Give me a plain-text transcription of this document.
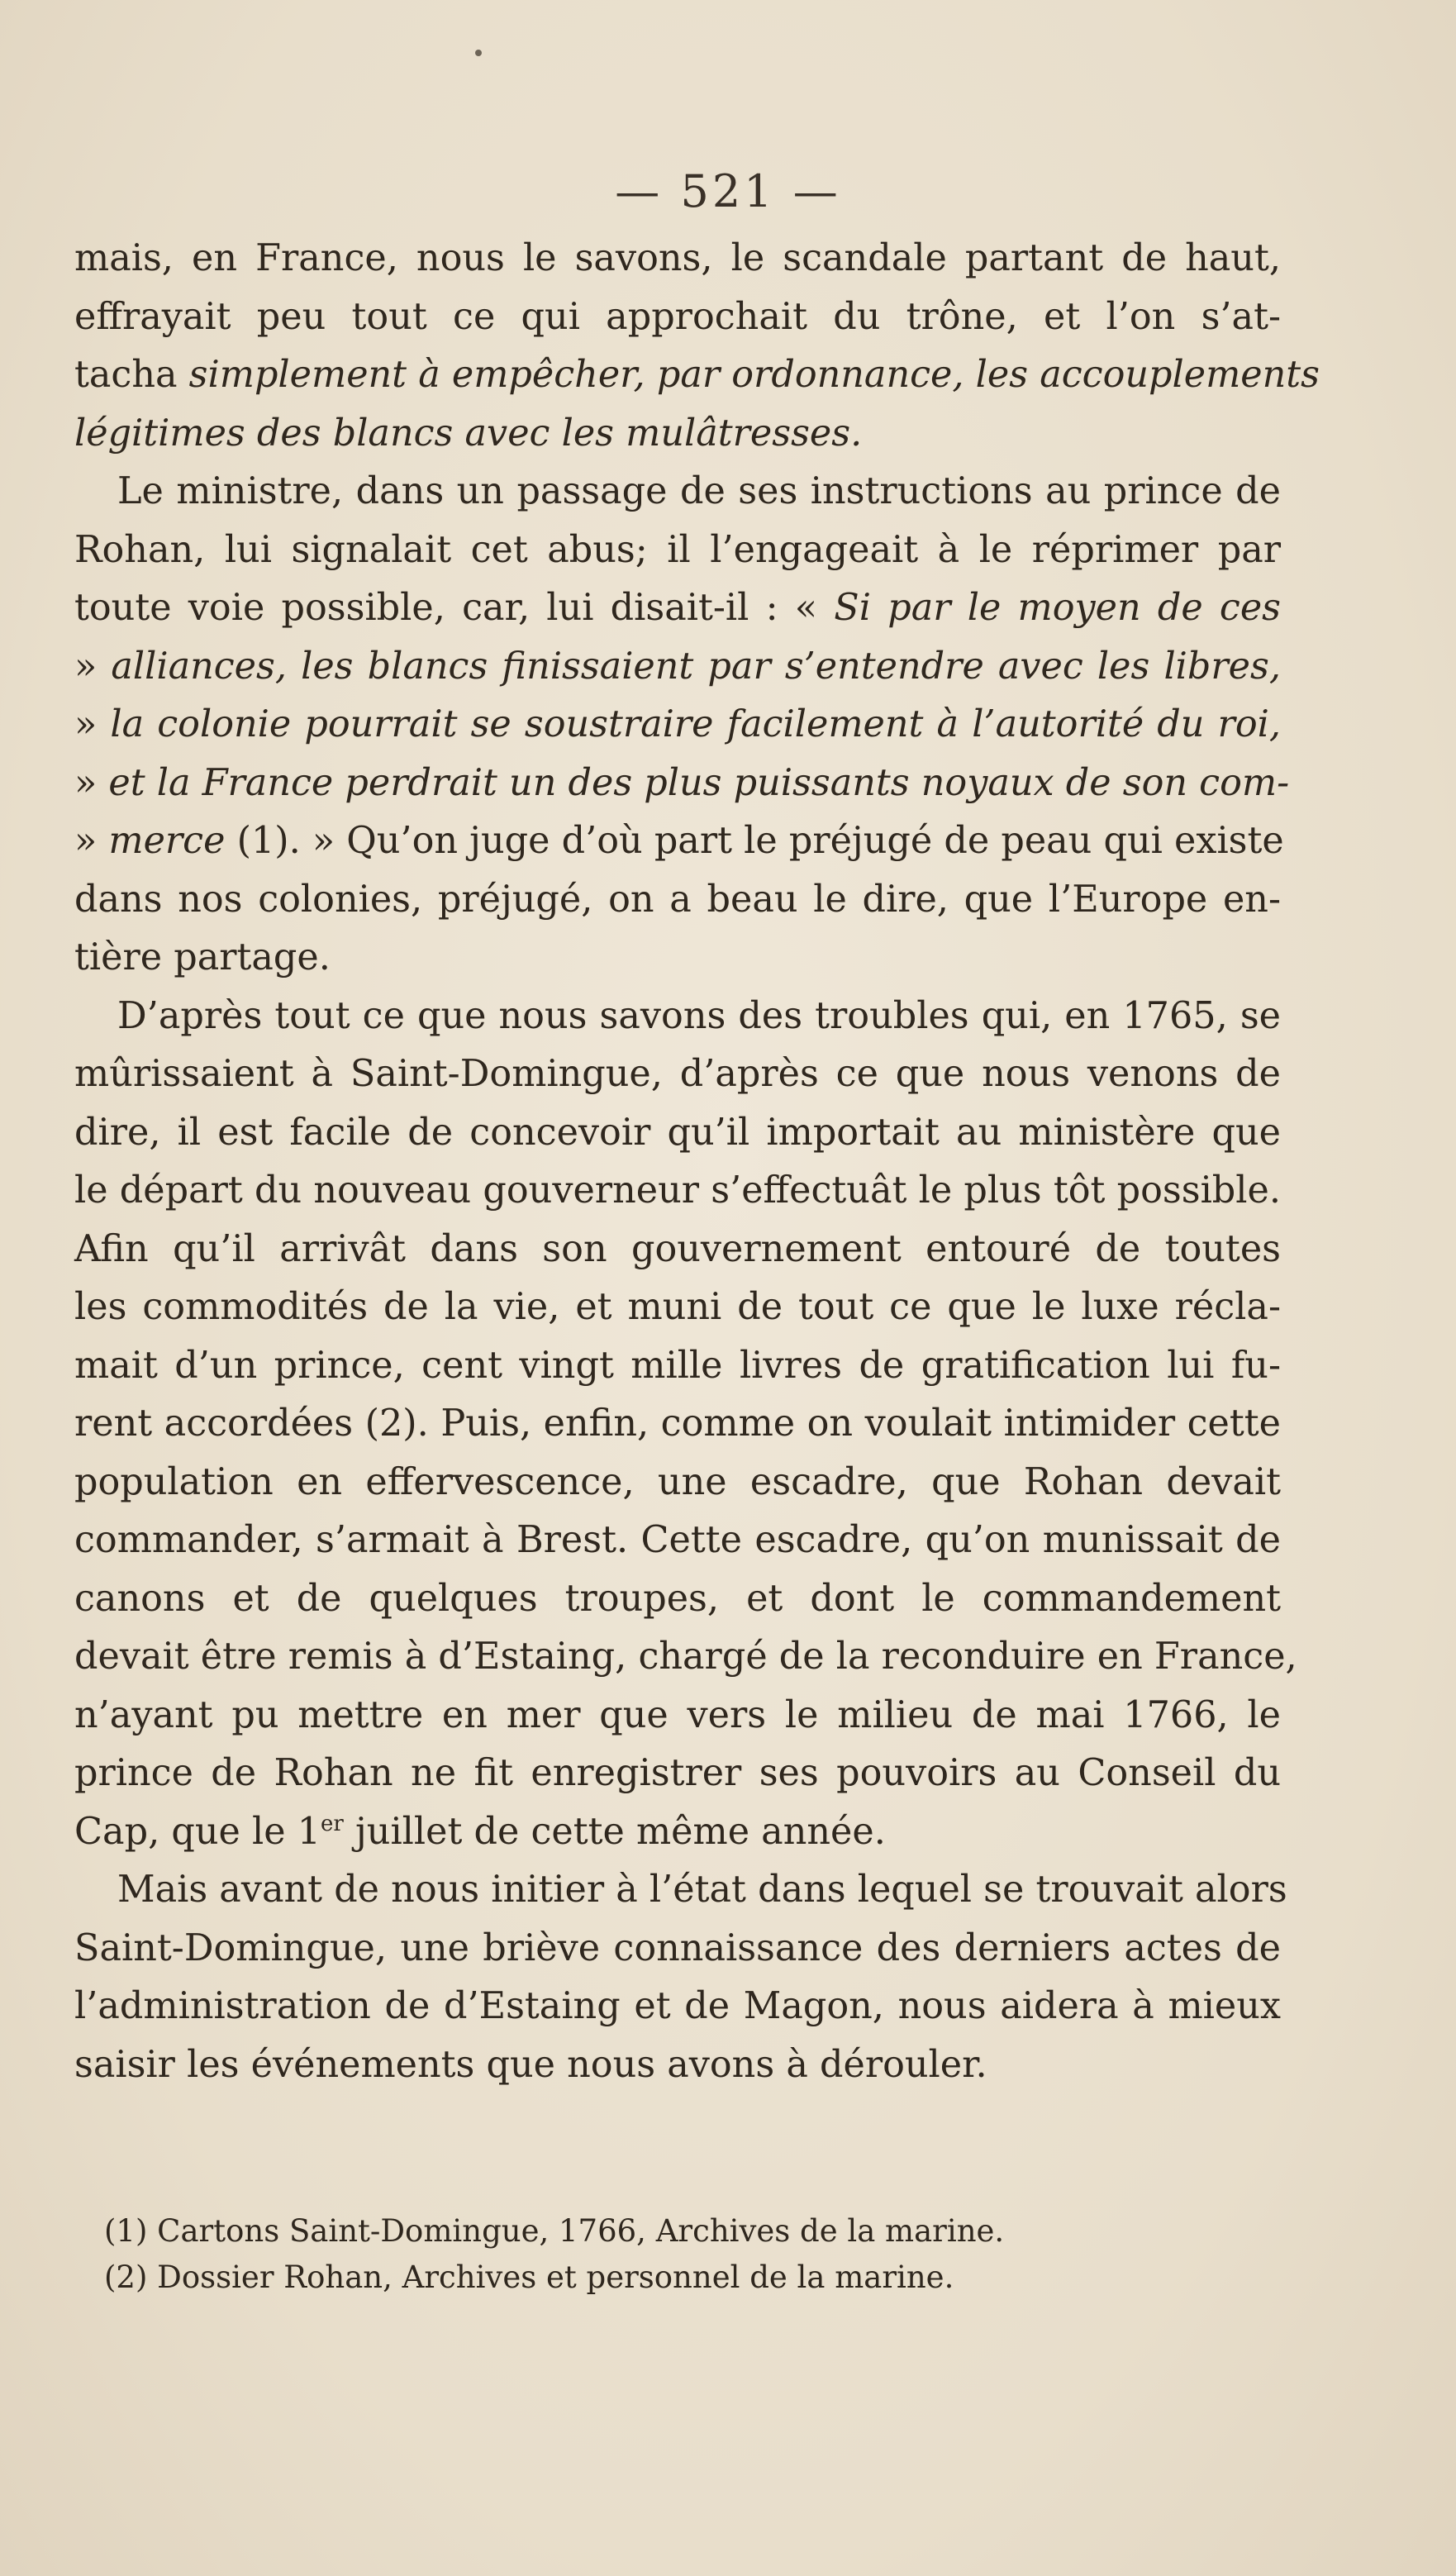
— 521 —
mais, en France, nous le savons, le scandale partant de haut,
effrayait peu tout ce qui approchait du trône, et l’on s’at-
tacha simplement à empêcher, par ordonnance, les accouplements
légitimes des blancs avec les mulâtresses.
Le ministre, dans un passage de ses instructions au prince de
Rohan, lui signalait cet abus; il l’engageait à le réprimer par
toute voie possible, car, lui disait-il : « Si par le moyen de ces
» alliances, les blancs finissaient par s’entendre avec les libres,
» la colonie pourrait se soustraire facilement à l’autorité du roi,
» et la France perdrait un des plus puissants noyaux de son com-
» merce (1). » Qu’on juge d’où part le préjugé de peau qui existe
dans nos colonies, préjugé, on a beau le dire, que l’Europe en-
tière partage.
D’après tout ce que nous savons des troubles qui, en 1765, se
mûrissaient à Saint-Domingue, d’après ce que nous venons de
dire, il est facile de concevoir qu’il importait au ministère que
le départ du nouveau gouverneur s’effectuât le plus tôt possible.
Afin qu’il arrivât dans son gouvernement entouré de toutes
les commodités de la vie, et muni de tout ce que le luxe récla-
mait d’un prince, cent vingt mille livres de gratification lui fu-
rent accordées (2). Puis, enfin, comme on voulait intimider cette
population en effervescence, une escadre, que Rohan devait
commander, s’armait à Brest. Cette escadre, qu’on munissait de
canons et de quelques troupes, et dont le commandement
devait être remis à d’Estaing, chargé de la reconduire en France,
n’ayant pu mettre en mer que vers le milieu de mai 1766, le
prince de Rohan ne fit enregistrer ses pouvoirs au Conseil du
Cap, que le 1er juillet de cette même année.
Mais avant de nous initier à l’état dans lequel se trouvait alors
Saint-Domingue, une briève connaissance des derniers actes de
l’administration de d’Estaing et de Magon, nous aidera à mieux
saisir les événements que nous avons à dérouler.
(1) Cartons Saint-Domingue, 1766, Archives de la marine.
(2) Dossier Rohan, Archives et personnel de la marine.
